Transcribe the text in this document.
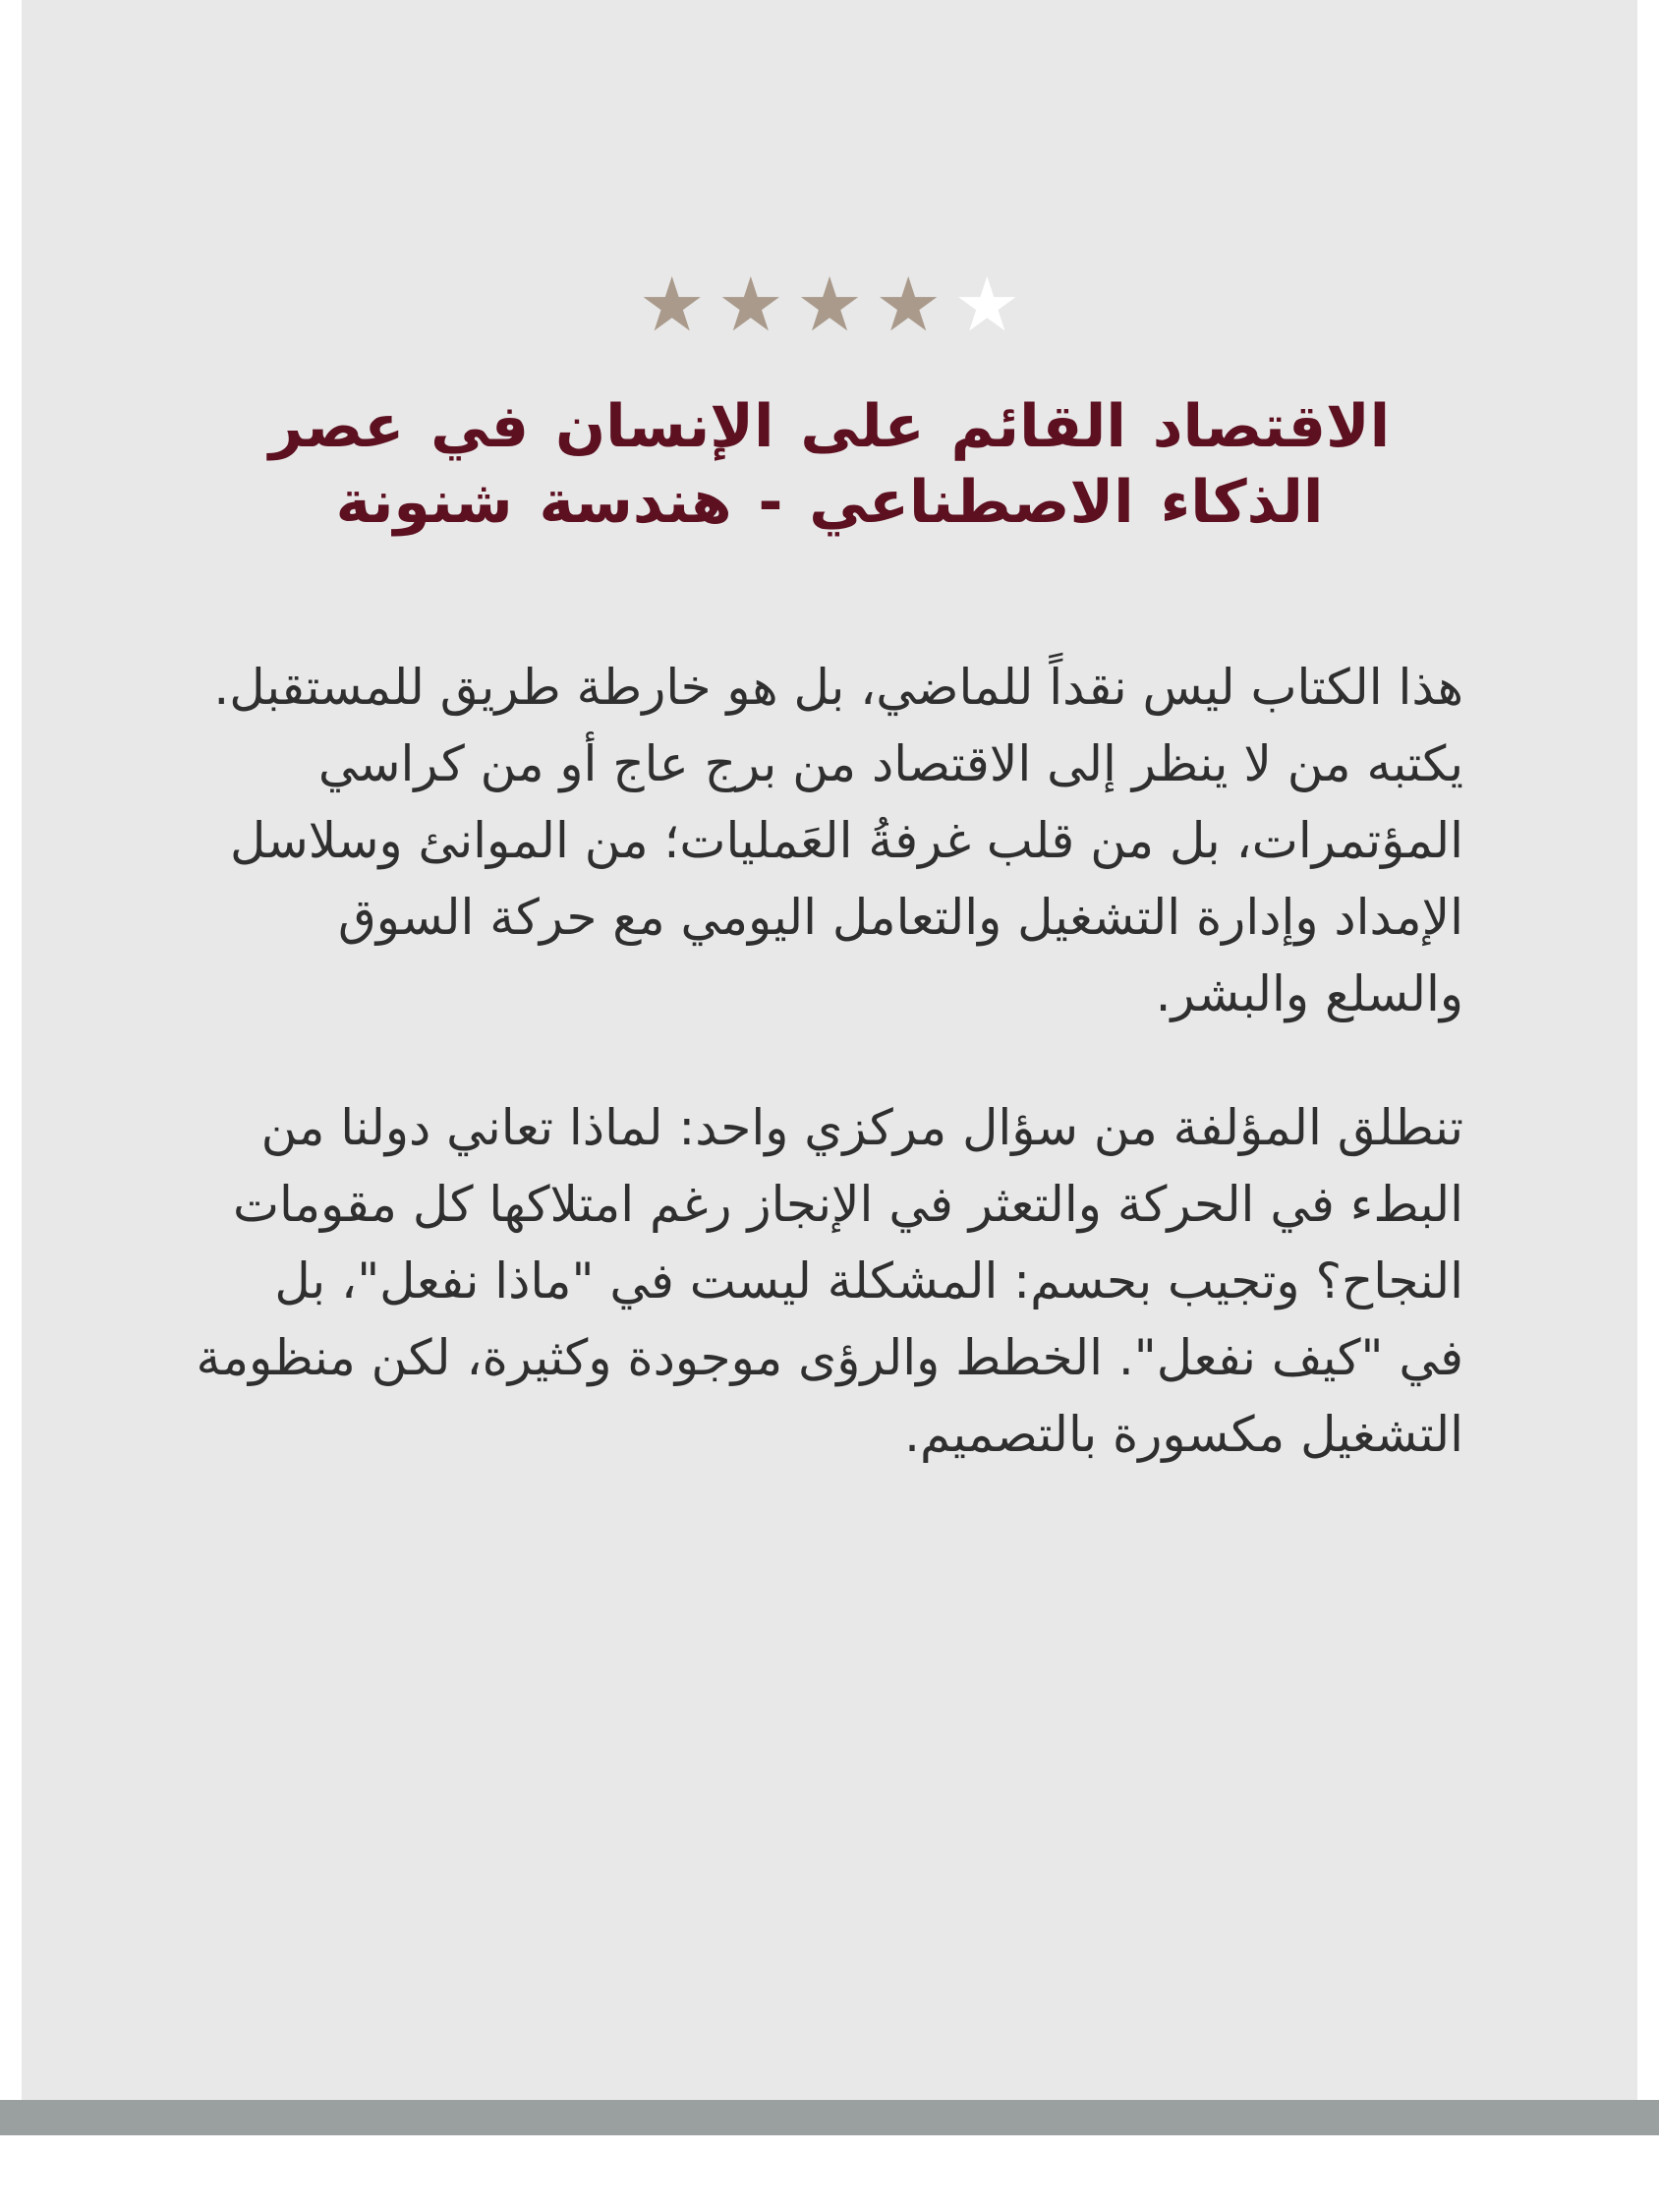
★ ★ ★ ★ ★
الاقتصاد القائم على الإنسان في عصر الذكاء الاصطناعي - هندسة شنونة

هذا الكتاب ليس نقداً للماضي، بل هو خارطة طريق للمستقبل. يكتبه من لا ينظر إلى الاقتصاد من برج عاج أو من كراسي المؤتمرات، بل من قلب غرفةُ العَمليات؛ من الموانئ وسلاسل الإمداد وإدارة التشغيل والتعامل اليومي مع حركة السوق والسلع والبشر.

تنطلق المؤلفة من سؤال مركزي واحد: لماذا تعاني دولنا من البطء في الحركة والتعثر في الإنجاز رغم امتلاكها كل مقومات النجاح؟ وتجيب بحسم: المشكلة ليست في "ماذا نفعل"، بل في "كيف نفعل". الخطط والرؤى موجودة وكثيرة، لكن منظومة التشغيل مكسورة بالتصميم.
